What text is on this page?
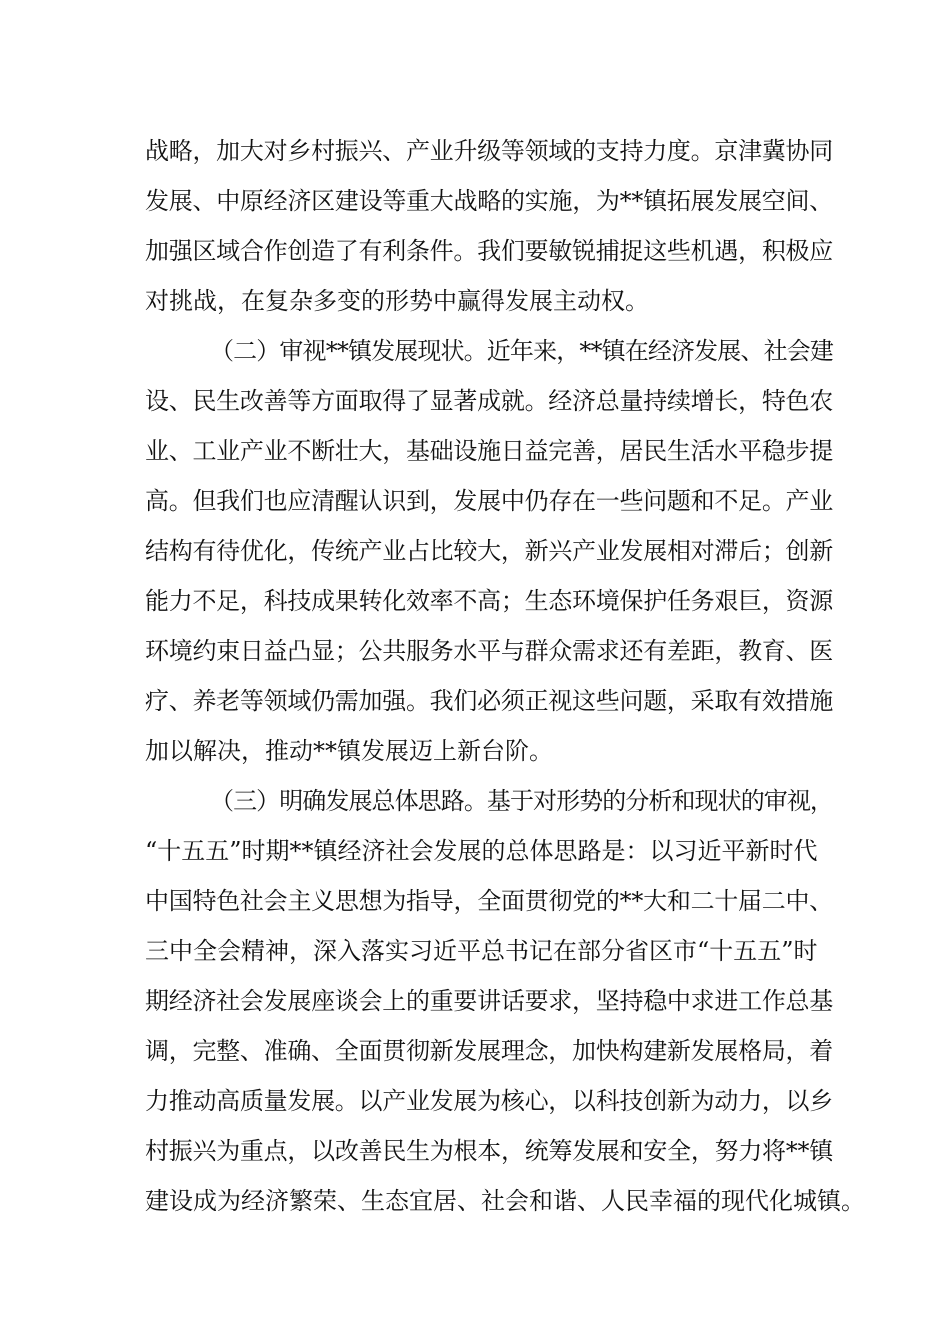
战略，加大对乡村振兴、产业升级等领域的支持力度。京津冀协同
发展、中原经济区建设等重大战略的实施，为**镇拓展发展空间、
加强区域合作创造了有利条件。我们要敏锐捕捉这些机遇，积极应
对挑战，在复杂多变的形势中赢得发展主动权。
（二）审视**镇发展现状。近年来，**镇在经济发展、社会建
设、民生改善等方面取得了显著成就。经济总量持续增长，特色农
业、工业产业不断壮大，基础设施日益完善，居民生活水平稳步提
高。但我们也应清醒认识到，发展中仍存在一些问题和不足。产业
结构有待优化，传统产业占比较大，新兴产业发展相对滞后；创新
能力不足，科技成果转化效率不高；生态环境保护任务艰巨，资源
环境约束日益凸显；公共服务水平与群众需求还有差距，教育、医
疗、养老等领域仍需加强。我们必须正视这些问题，采取有效措施
加以解决，推动**镇发展迈上新台阶。
（三）明确发展总体思路。基于对形势的分析和现状的审视，
“十五五”时期**镇经济社会发展的总体思路是：以习近平新时代
中国特色社会主义思想为指导，全面贯彻党的**大和二十届二中、
三中全会精神，深入落实习近平总书记在部分省区市“十五五”时
期经济社会发展座谈会上的重要讲话要求，坚持稳中求进工作总基
调，完整、准确、全面贯彻新发展理念，加快构建新发展格局，着
力推动高质量发展。以产业发展为核心，以科技创新为动力，以乡
村振兴为重点，以改善民生为根本，统筹发展和安全，努力将**镇
建设成为经济繁荣、生态宜居、社会和谐、人民幸福的现代化城镇。
